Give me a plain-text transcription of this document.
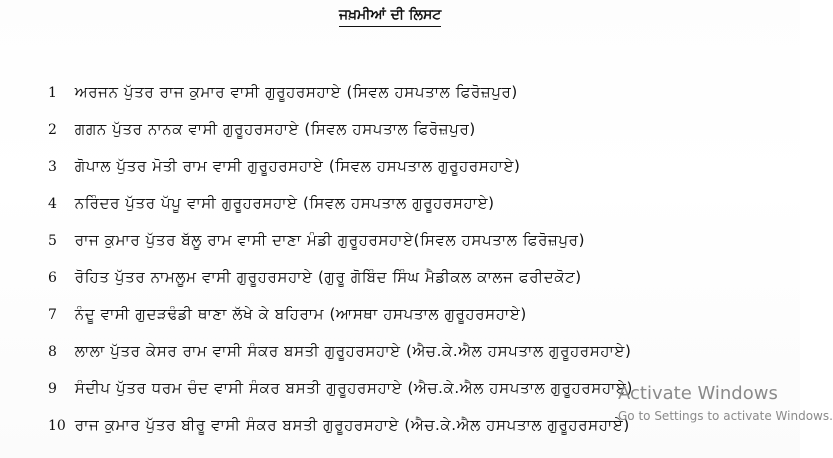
ਜਖ਼ਮੀਆਂ ਦੀ ਲਿਸਟ
1 ਅਰਜਨ ਪੁੱਤਰ ਰਾਜ ਕੁਮਾਰ ਵਾਸੀ ਗੁਰੂਹਰਸਹਾਏ (ਸਿਵਲ ਹਸਪਤਾਲ ਫਿਰੋਜ਼ਪੁਰ)
2 ਗਗਨ ਪੁੱਤਰ ਨਾਨਕ ਵਾਸੀ ਗੁਰੂਹਰਸਹਾਏ (ਸਿਵਲ ਹਸਪਤਾਲ ਫਿਰੋਜ਼ਪੁਰ)
3 ਗੋਪਾਲ ਪੁੱਤਰ ਮੋਤੀ ਰਾਮ ਵਾਸੀ ਗੁਰੂਹਰਸਹਾਏ (ਸਿਵਲ ਹਸਪਤਾਲ ਗੁਰੂਹਰਸਹਾਏ)
4 ਨਰਿੰਦਰ ਪੁੱਤਰ ਪੱਪੂ ਵਾਸੀ ਗੁਰੂਹਰਸਹਾਏ (ਸਿਵਲ ਹਸਪਤਾਲ ਗੁਰੂਹਰਸਹਾਏ)
5 ਰਾਜ ਕੁਮਾਰ ਪੁੱਤਰ ਬੱਲੂ ਰਾਮ ਵਾਸੀ ਦਾਣਾ ਮੰਡੀ ਗੁਰੂਹਰਸਹਾਏ(ਸਿਵਲ ਹਸਪਤਾਲ ਫਿਰੋਜ਼ਪੁਰ)
6 ਰੋਹਿਤ ਪੁੱਤਰ ਨਾਮਲੂਮ ਵਾਸੀ ਗੁਰੂਹਰਸਹਾਏ (ਗੁਰੂ ਗੋਬਿੰਦ ਸਿੰਘ ਮੈਡੀਕਲ ਕਾਲਜ ਫਰੀਦਕੋਟ)
7 ਨੰਦੂ ਵਾਸੀ ਗੁਦੜਢੰਡੀ ਥਾਣਾ ਲੱਖੇ ਕੇ ਬਹਿਰਾਮ (ਆਸਥਾ ਹਸਪਤਾਲ ਗੁਰੂਹਰਸਹਾਏ)
8 ਲਾਲਾ ਪੁੱਤਰ ਕੇਸਰ ਰਾਮ ਵਾਸੀ ਸੰਕਰ ਬਸਤੀ ਗੁਰੂਹਰਸਹਾਏ (ਐਚ.ਕੇ.ਐਲ ਹਸਪਤਾਲ ਗੁਰੂਹਰਸਹਾਏ)
9 ਸੰਦੀਪ ਪੁੱਤਰ ਧਰਮ ਚੰਦ ਵਾਸੀ ਸੰਕਰ ਬਸਤੀ ਗੁਰੂਹਰਸਹਾਏ (ਐਚ.ਕੇ.ਐਲ ਹਸਪਤਾਲ ਗੁਰੂਹਰਸਹਾਏ)
10 ਰਾਜ ਕੁਮਾਰ ਪੁੱਤਰ ਬੀਰੂ ਵਾਸੀ ਸੰਕਰ ਬਸਤੀ ਗੁਰੂਹਰਸਹਾਏ (ਐਚ.ਕੇ.ਐਲ ਹਸਪਤਾਲ ਗੁਰੂਹਰਸਹਾਏ)
Activate Windows
Go to Settings to activate Windows.
